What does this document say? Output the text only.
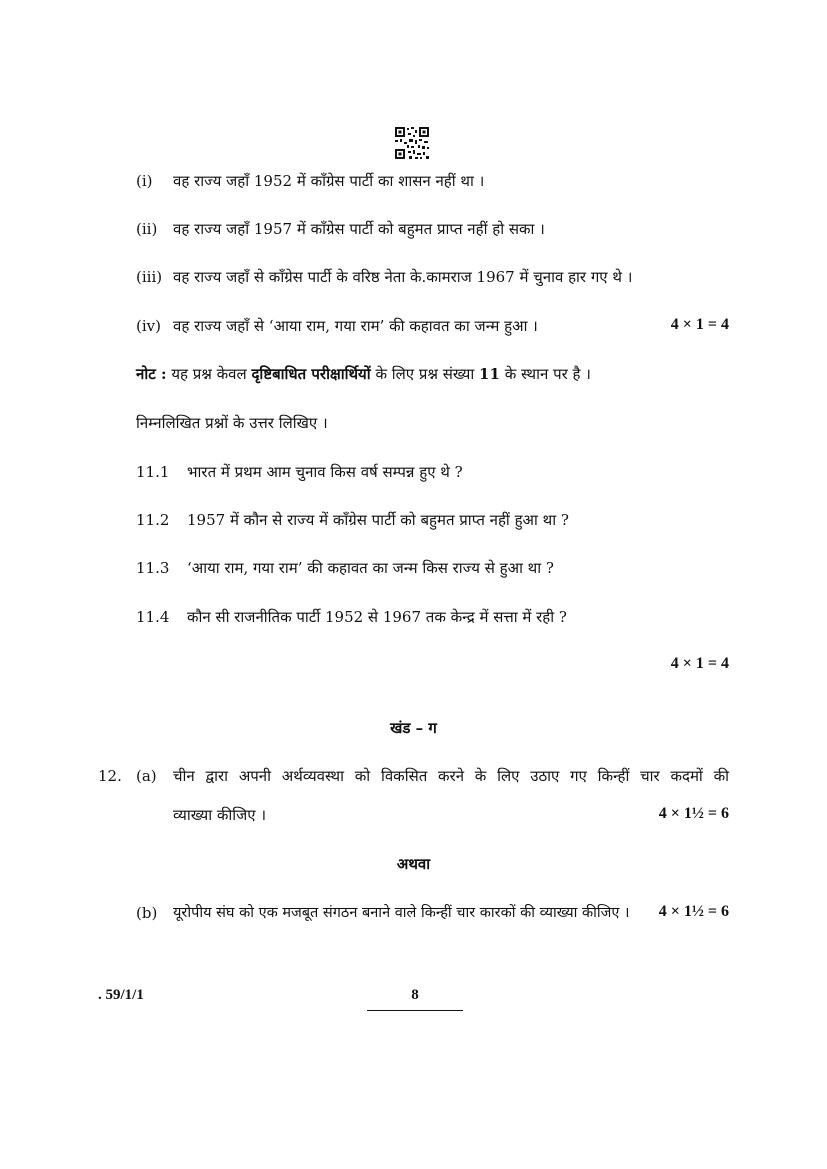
(i) वह राज्य जहाँ 1952 में काँग्रेस पार्टी का शासन नहीं था ।
(ii) वह राज्य जहाँ 1957 में काँग्रेस पार्टी को बहुमत प्राप्त नहीं हो सका ।
(iii) वह राज्य जहाँ से काँग्रेस पार्टी के वरिष्ठ नेता के.कामराज 1967 में चुनाव हार गए थे ।
(iv) वह राज्य जहाँ से ‘आया राम, गया राम’ की कहावत का जन्म हुआ ।	4 × 1 = 4
नोट : यह प्रश्न केवल दृष्टिबाधित परीक्षार्थियों के लिए प्रश्न संख्या 11 के स्थान पर है ।
निम्नलिखित प्रश्नों के उत्तर लिखिए ।
11.1 भारत में प्रथम आम चुनाव किस वर्ष सम्पन्न हुए थे ?
11.2 1957 में कौन से राज्य में काँग्रेस पार्टी को बहुमत प्राप्त नहीं हुआ था ?
11.3 ‘आया राम, गया राम’ की कहावत का जन्म किस राज्य से हुआ था ?
11.4 कौन सी राजनीतिक पार्टी 1952 से 1967 तक केन्द्र में सत्ता में रही ?
4 × 1 = 4
खंड – ग
12. (a) चीन द्वारा अपनी अर्थव्यवस्था को विकसित करने के लिए उठाए गए किन्हीं चार कदमों की
व्याख्या कीजिए ।	4 × 1½ = 6
अथवा
(b) यूरोपीय संघ को एक मजबूत संगठन बनाने वाले किन्हीं चार कारकों की व्याख्या कीजिए । 4 × 1½ = 6
. 59/1/1	8
